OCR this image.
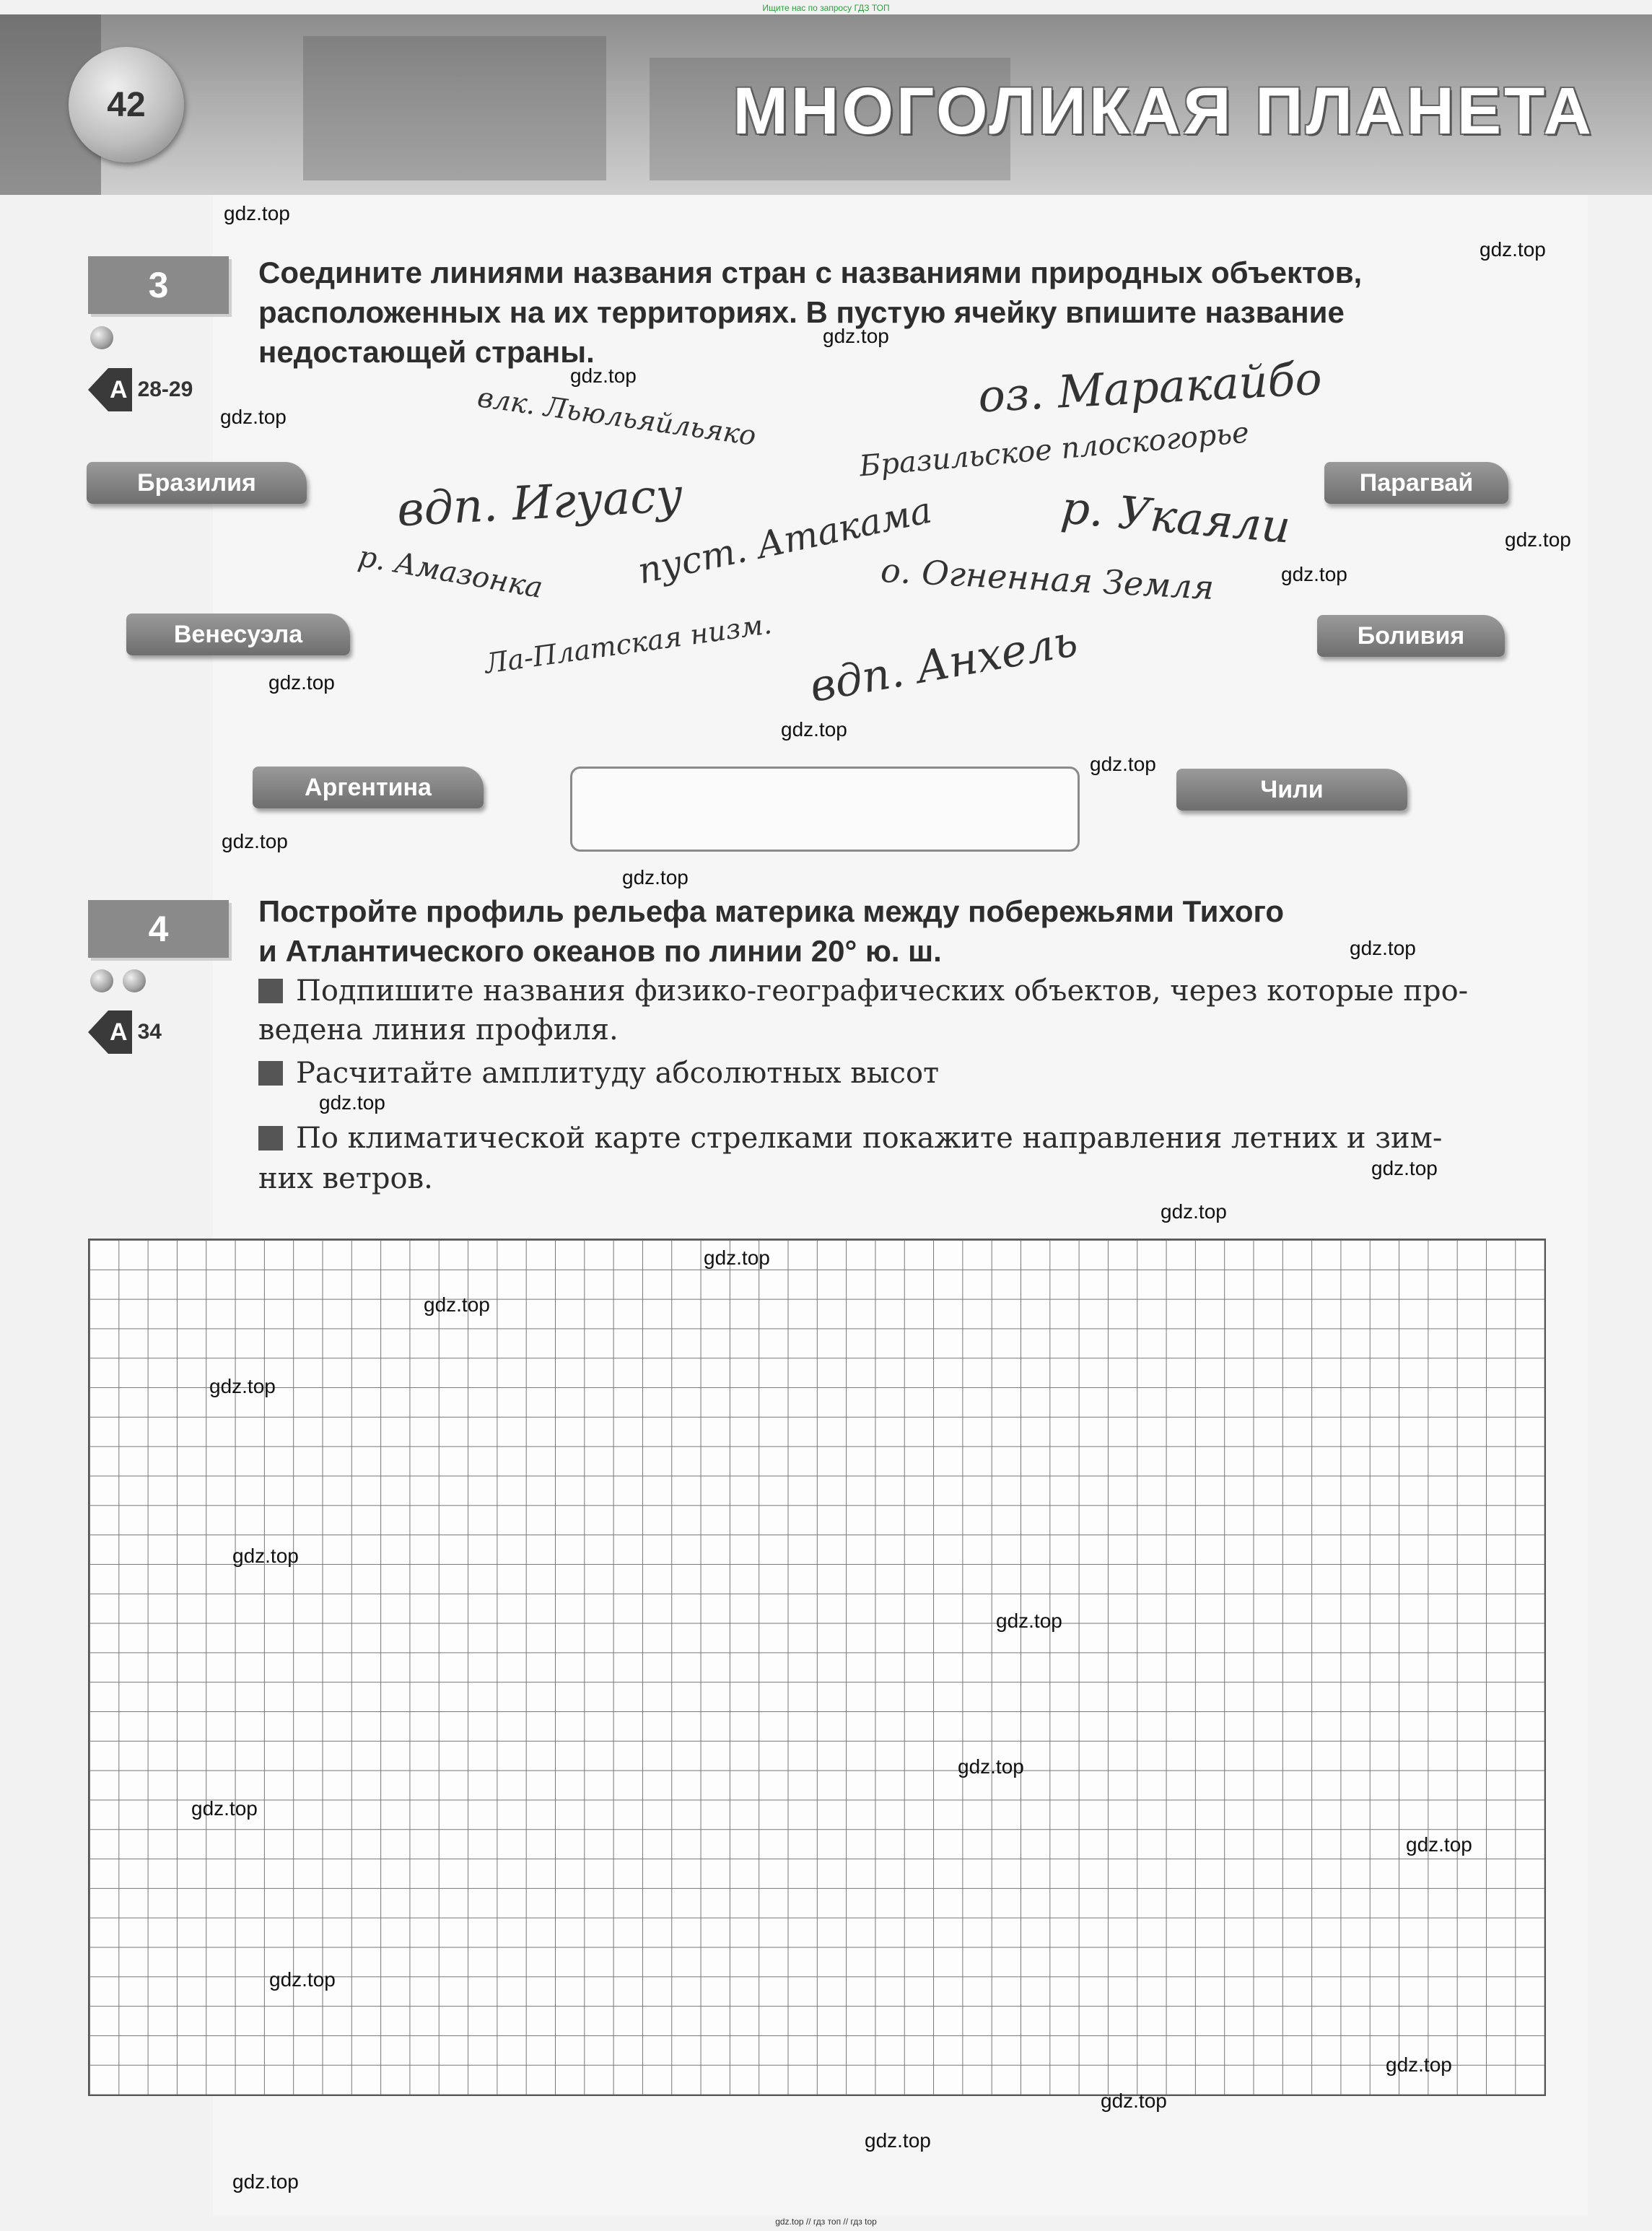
Ищите нас по запросу ГДЗ ТОП
42	МНОГОЛИКАЯ ПЛАНЕТА
3
А 28-29
Соедините линиями названия стран с названиями природных объектов,
расположенных на их территориях. В пустую ячейку впишите название
недостающей страны.
Бразилия
Венесуэла
Аргентина
Парагвай
Боливия
Чили
оз. Маракайбо
влк. Льюльяйльяко	Бразильское плоскогорье
вдп. Игуасу	р. Укаяли
пуст. Атакама
р. Амазонка	о. Огненная Земля
Ла-Платская низм. вдп. Анхель
4
А 34
Постройте профиль рельефа материка между побережьями Тихого
и Атлантического океанов по линии 20° ю. ш.
Подпишите названия физико-географических объектов, через которые про-
ведена линия профиля.
Расчитайте амплитуду абсолютных высот
По климатической карте стрелками покажите направления летних и зим-
них ветров.
gdz.top
gdz.top
gdz.top
gdz.top
gdz.top
gdz.top
gdz.top
gdz.top
gdz.top
gdz.top
gdz.top
gdz.top
gdz.top
gdz.top
gdz.top
gdz.top
gdz.top
gdz.top
gdz.top
gdz.top
gdz.top
gdz.top
gdz.top
gdz.top
gdz.top
gdz.top
gdz.top
gdz.top
gdz.top
gdz.top // гдз топ // гдз top
